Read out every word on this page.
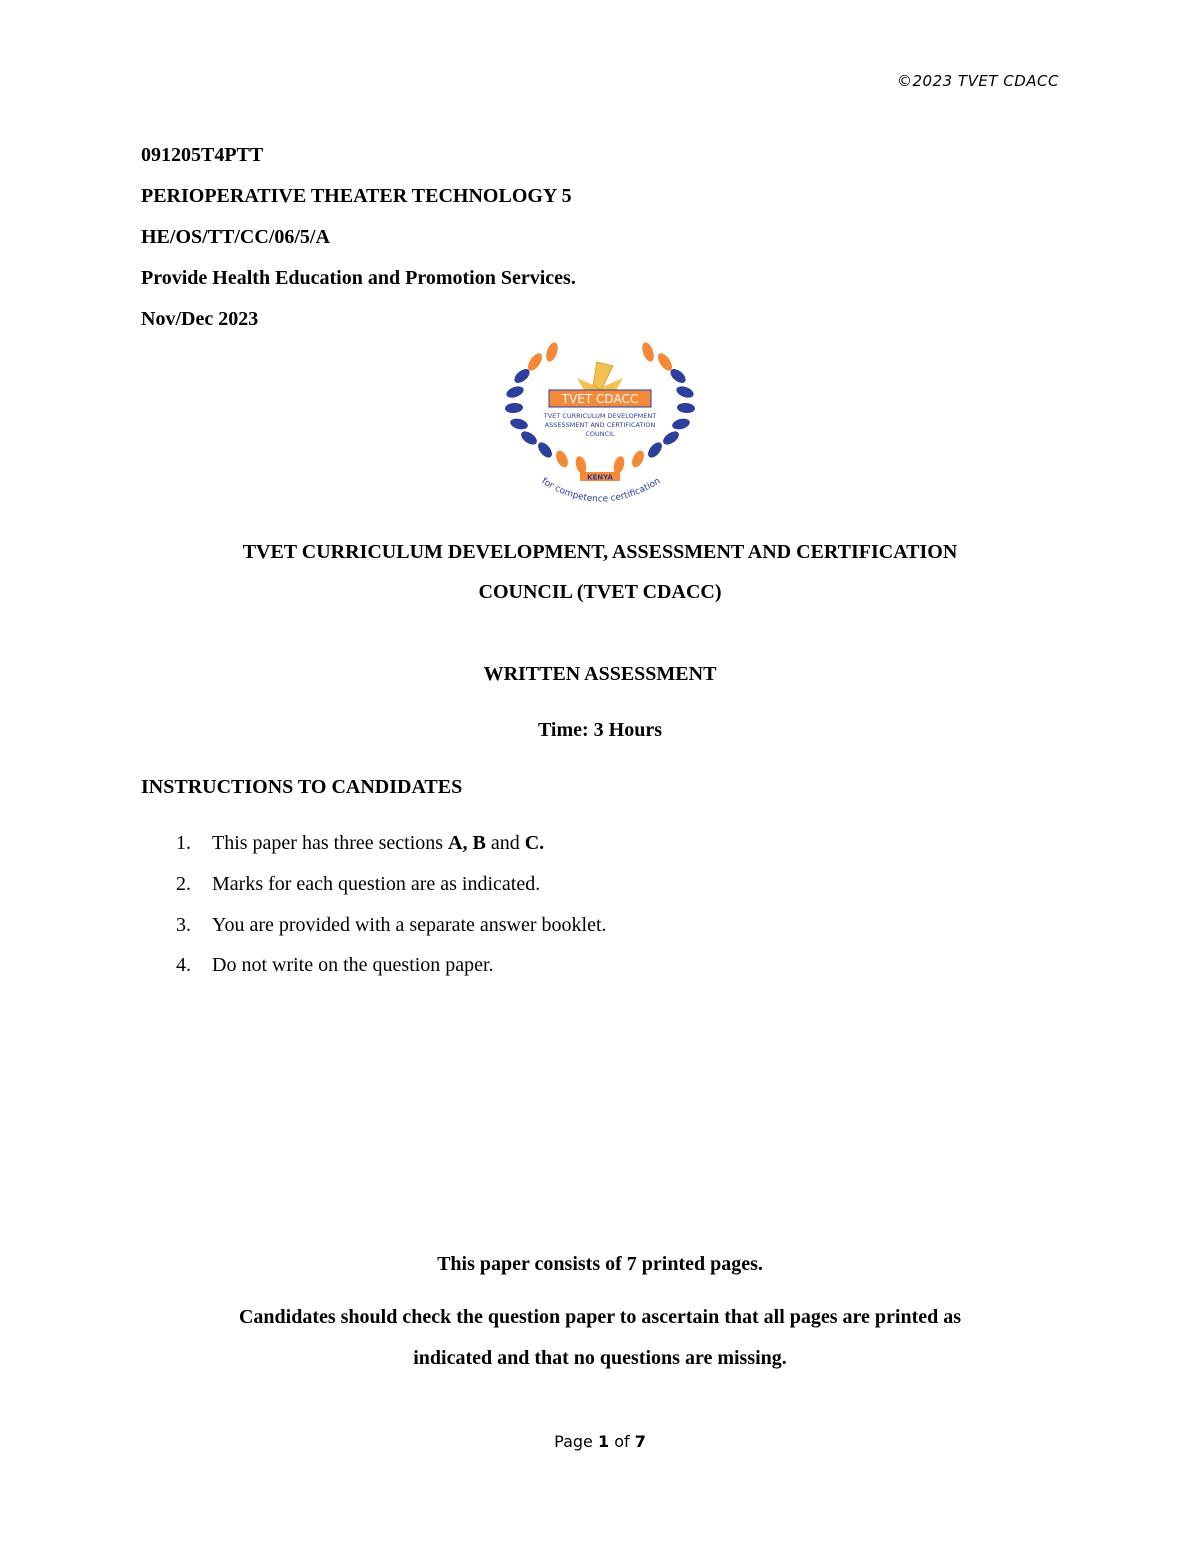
©2023 TVET CDACC
091205T4PTT
PERIOPERATIVE THEATER TECHNOLOGY 5
HE/OS/TT/CC/06/5/A
Provide Health Education and Promotion Services.
Nov/Dec 2023
TVET CDACC
TVET CURRICULUM DEVELOPMENT
ASSESSMENT AND CERTIFICATION
COUNCIL
KENYA
for competence certification
TVET CURRICULUM DEVELOPMENT, ASSESSMENT AND CERTIFICATION
COUNCIL (TVET CDACC)
WRITTEN ASSESSMENT
Time: 3 Hours
INSTRUCTIONS TO CANDIDATES
1. This paper has three sections A, B and C.
2. Marks for each question are as indicated.
3. You are provided with a separate answer booklet.
4. Do not write on the question paper.
This paper consists of 7 printed pages.
Candidates should check the question paper to ascertain that all pages are printed as
indicated and that no questions are missing.
Page 1 of 7
